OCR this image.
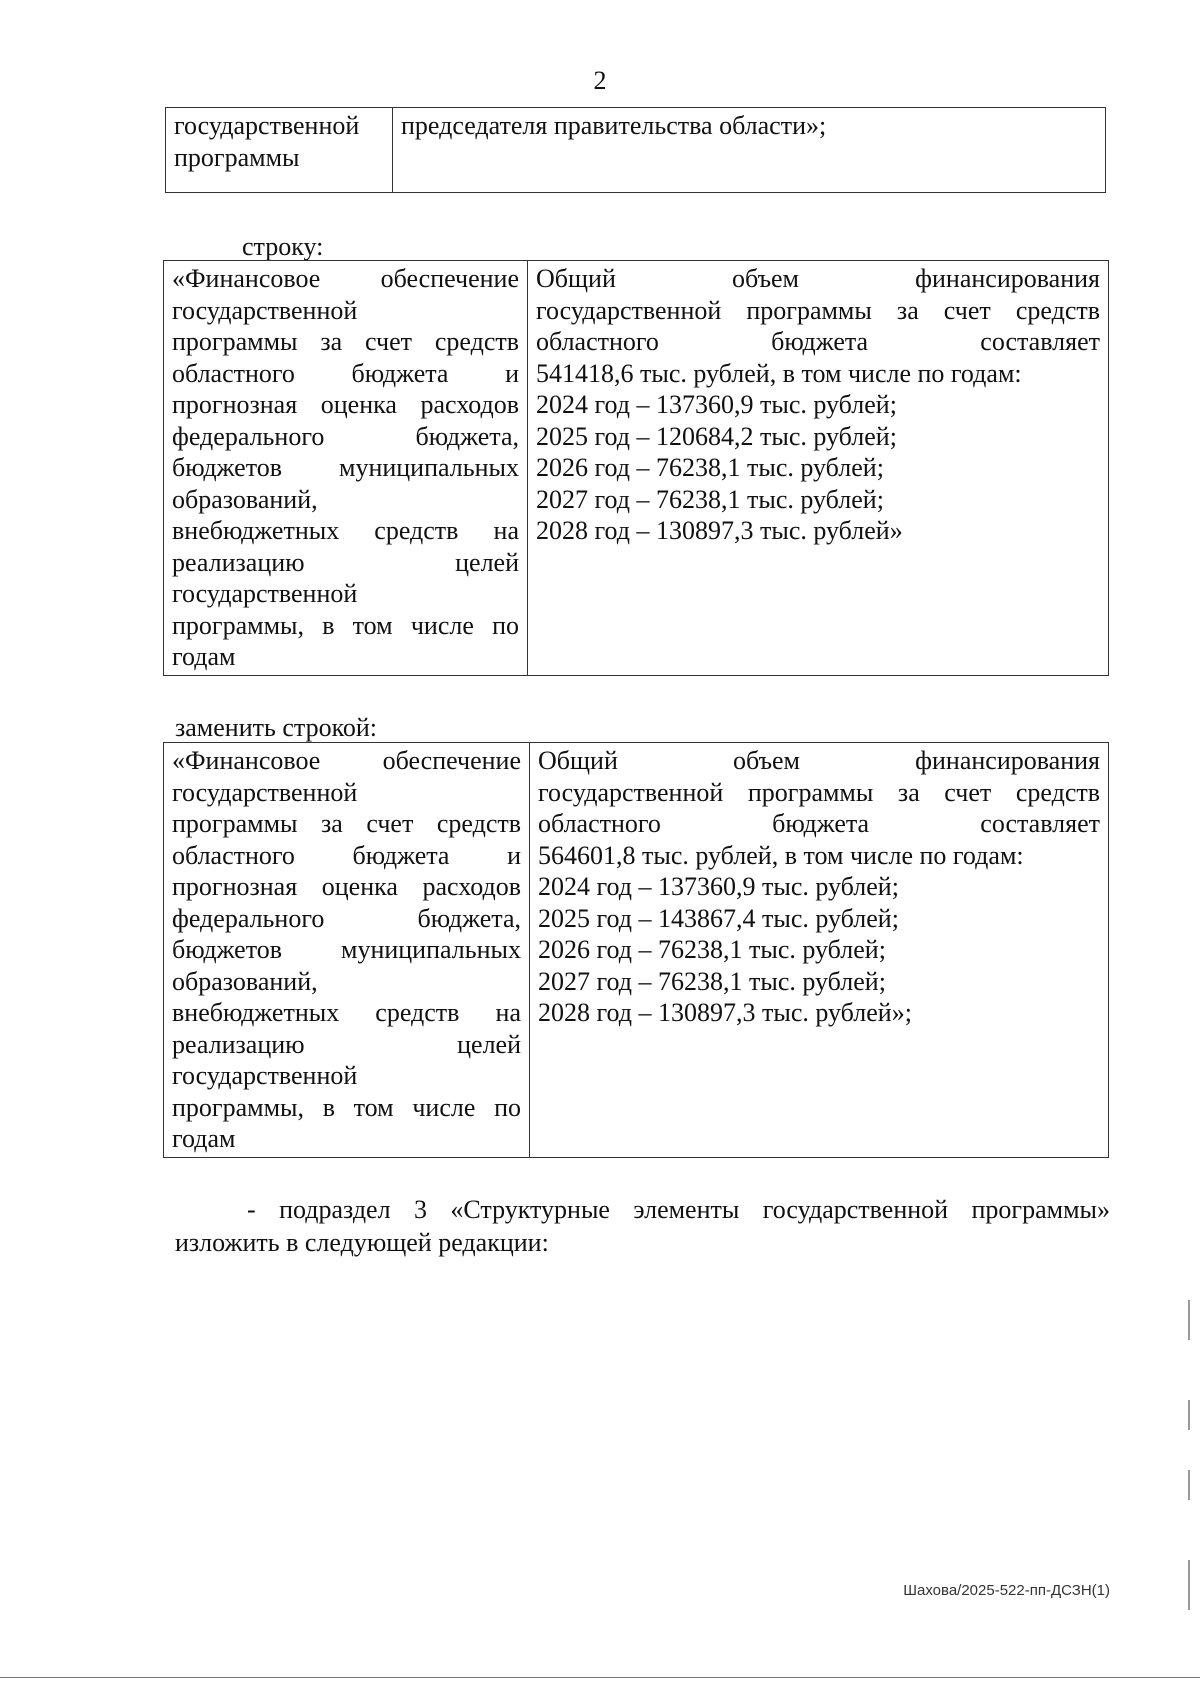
2
государственной
программы

председателя правительства области»;
строку:
«Финансовое обеспечение
государственной
программы за счет средств
областного бюджета и
прогнозная оценка расходов
федерального бюджета,
бюджетов муниципальных
образований,
внебюджетных средств на
реализацию целей
государственной
программы, в том числе по
годам

Общий объем финансирования
государственной программы за счет средств
областного бюджета составляет
541418,6 тыс. рублей, в том числе по годам:
2024 год – 137360,9 тыс. рублей;
2025 год – 120684,2 тыс. рублей;
2026 год – 76238,1 тыс. рублей;
2027 год – 76238,1 тыс. рублей;
2028 год – 130897,3 тыс. рублей»
заменить строкой:
«Финансовое обеспечение
государственной
программы за счет средств
областного бюджета и
прогнозная оценка расходов
федерального бюджета,
бюджетов муниципальных
образований,
внебюджетных средств на
реализацию целей
государственной
программы, в том числе по
годам

Общий объем финансирования
государственной программы за счет средств
областного бюджета составляет
564601,8 тыс. рублей, в том числе по годам:
2024 год – 137360,9 тыс. рублей;
2025 год – 143867,4 тыс. рублей;
2026 год – 76238,1 тыс. рублей;
2027 год – 76238,1 тыс. рублей;
2028 год – 130897,3 тыс. рублей»;
- подраздел 3 «Структурные элементы государственной программы»
изложить в следующей редакции:
Шахова/2025-522-пп-ДСЗН(1)
